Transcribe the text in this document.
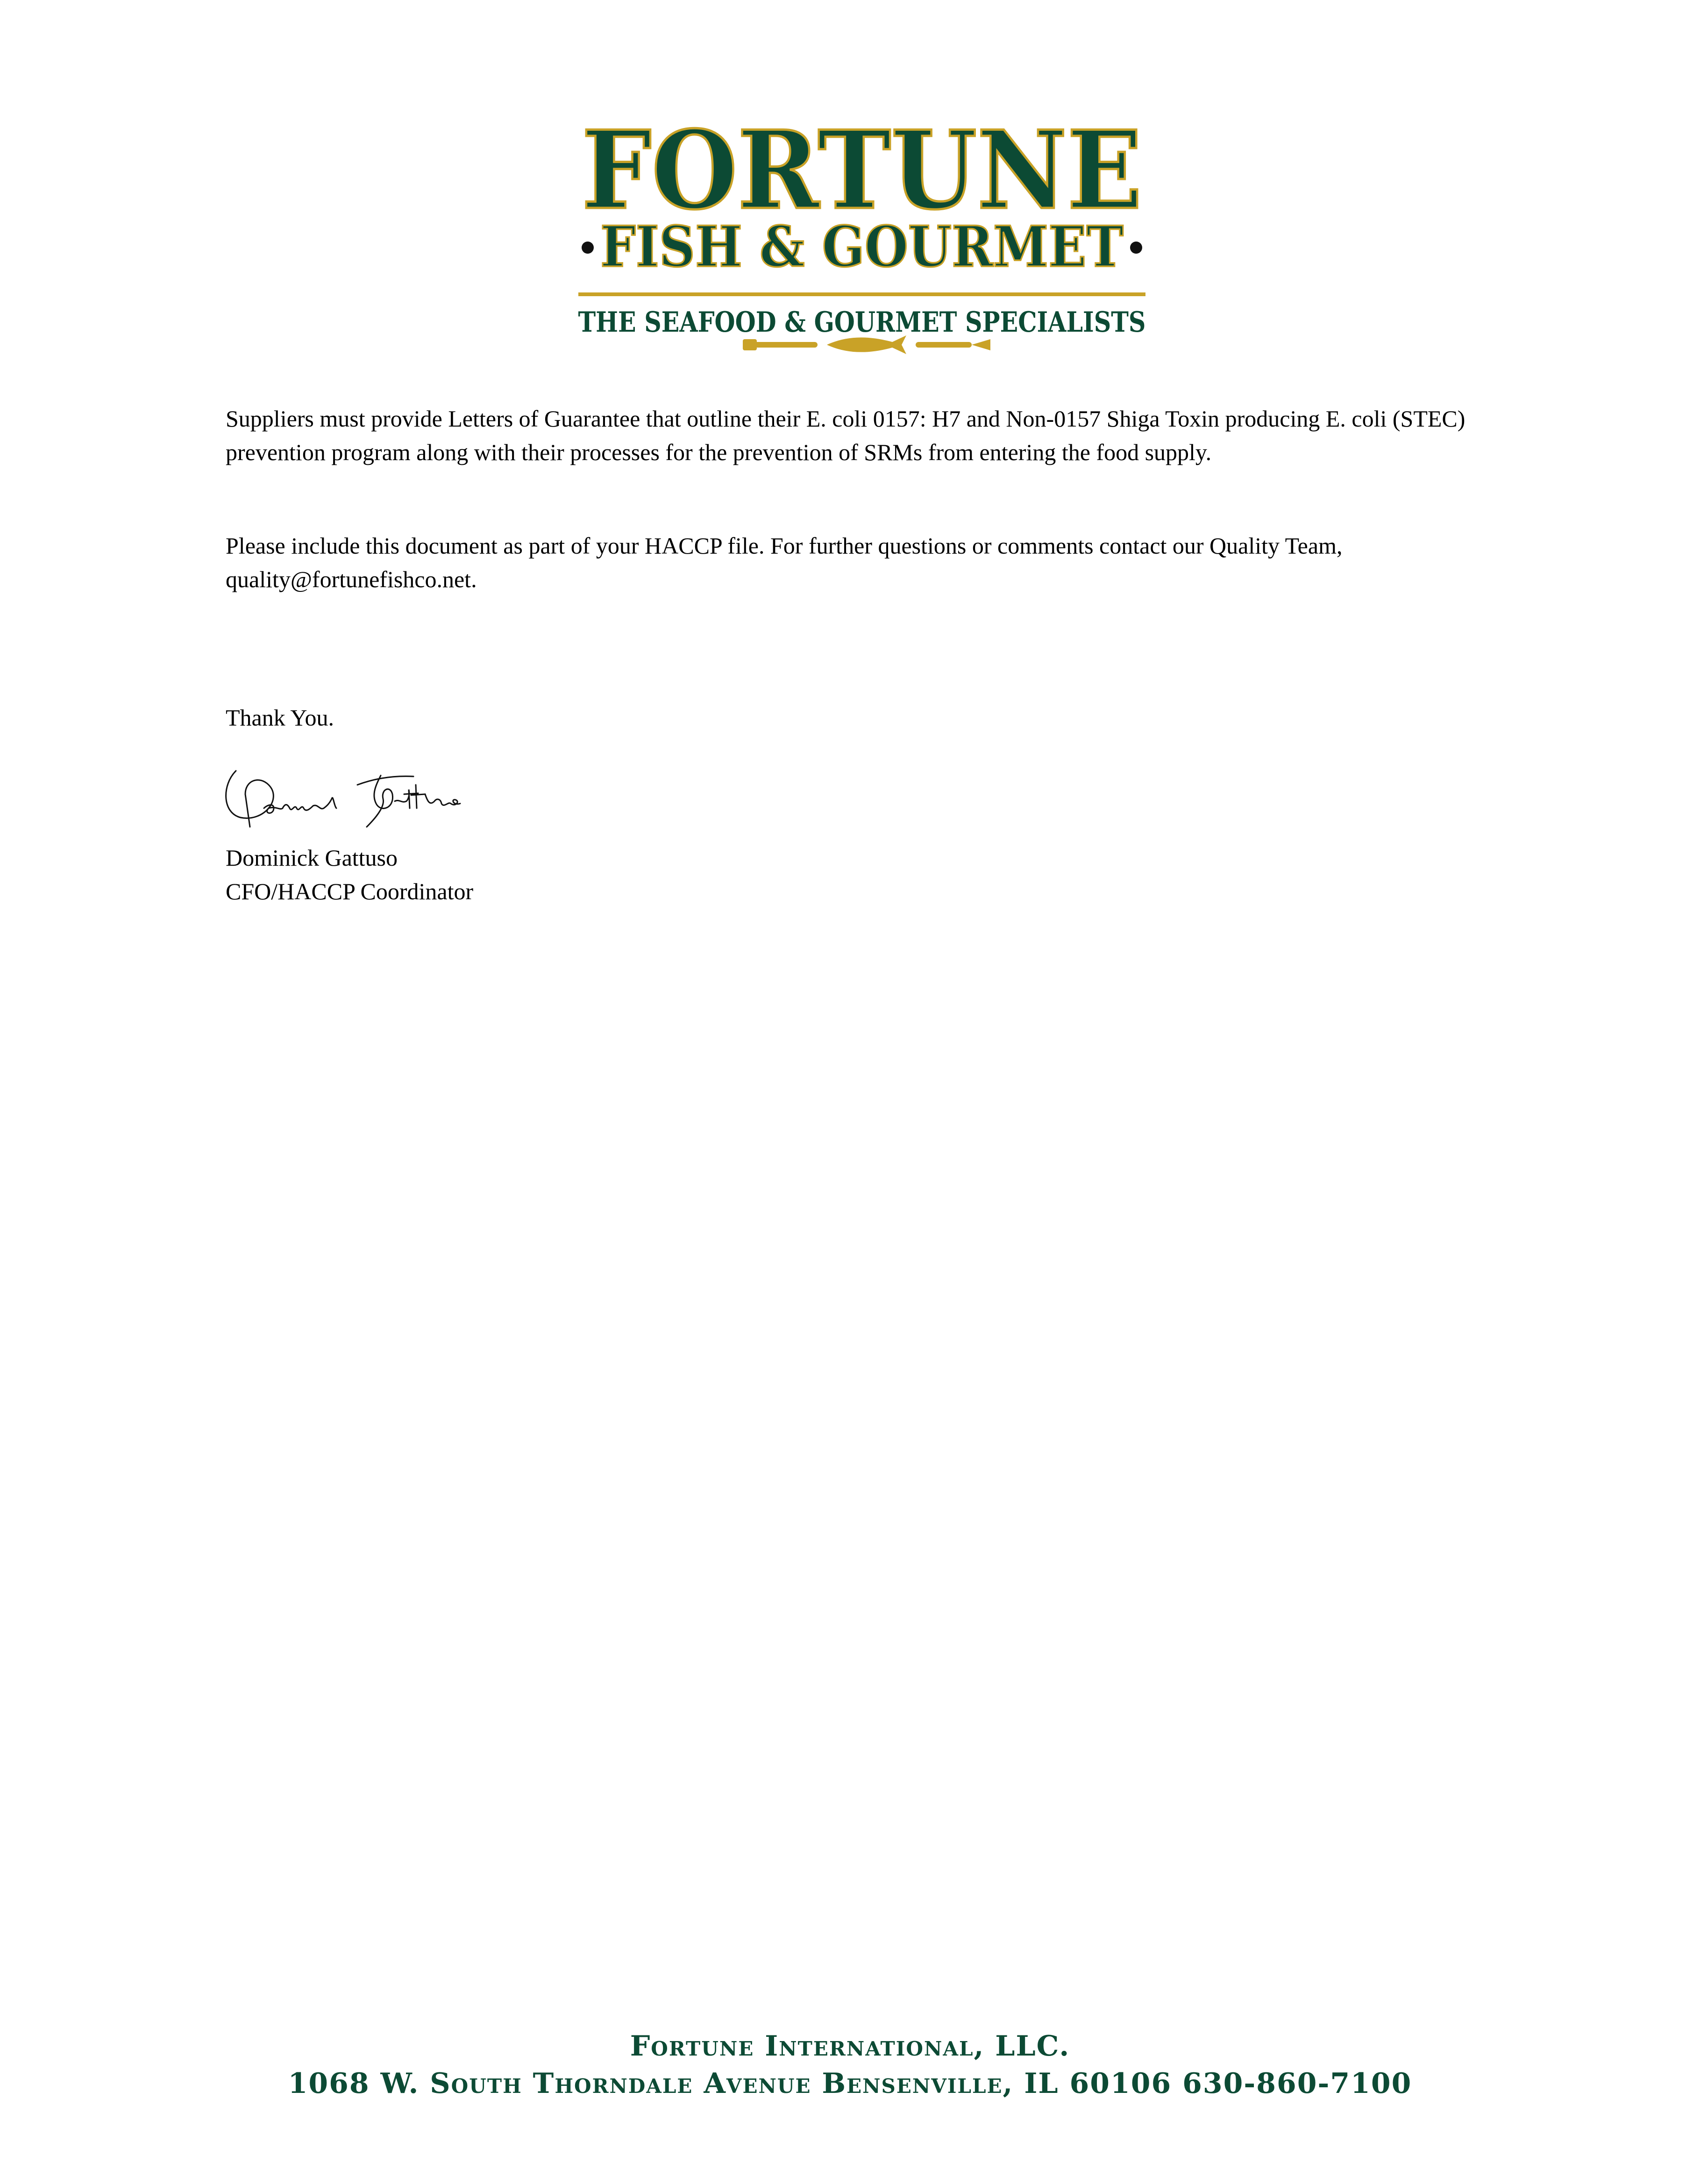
FORTUNE
FISH & GOURMET
THE SEAFOOD & GOURMET SPECIALISTS

Suppliers must provide Letters of Guarantee that outline their E. coli 0157: H7 and Non-0157 Shiga Toxin producing E. coli (STEC) prevention program along with their processes for the prevention of SRMs from entering the food supply.

Please include this document as part of your HACCP file. For further questions or comments contact our Quality Team, quality@fortunefishco.net.

Thank You.

Dominick Gattuso

CFO/HACCP Coordinator

Fortune International, LLC.

1068 W. South Thorndale Avenue Bensenville, IL 60106 630-860-7100
